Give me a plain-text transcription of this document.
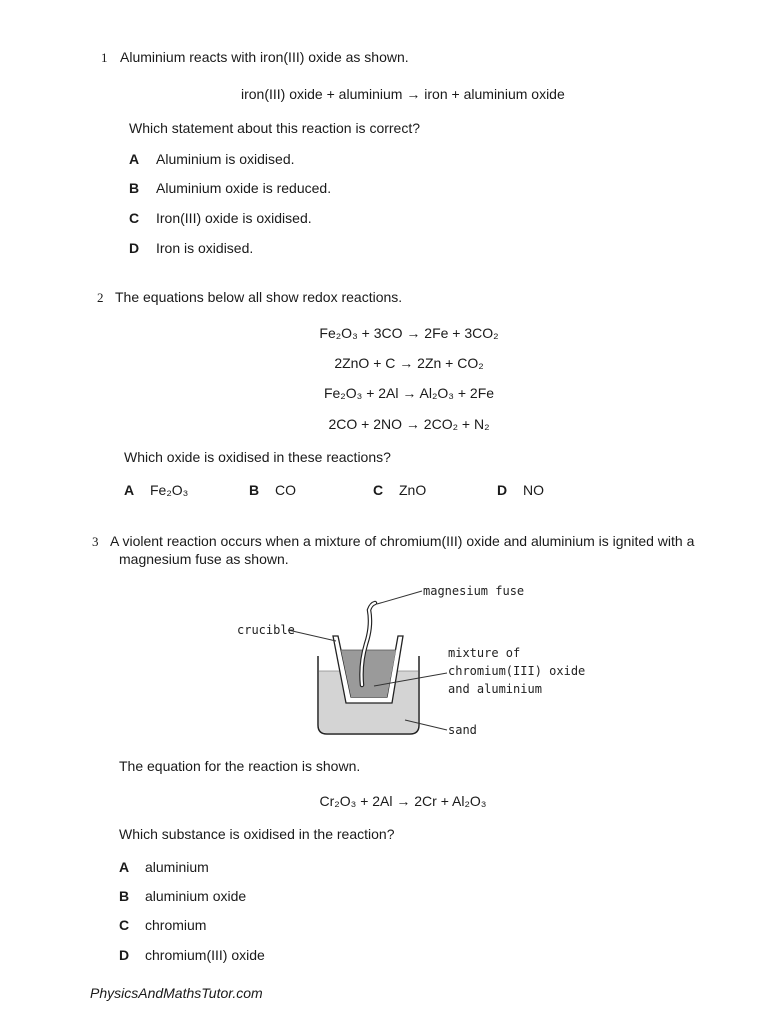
1 Aluminium reacts with iron(III) oxide as shown.
iron(III) oxide + aluminium → iron + aluminium oxide
Which statement about this reaction is correct?
A Aluminium is oxidised.
B Aluminium oxide is reduced.
C Iron(III) oxide is oxidised.
D Iron is oxidised.
2 The equations below all show redox reactions.
Fe₂O₃ + 3CO → 2Fe + 3CO₂
2ZnO + C → 2Zn + CO₂
Fe₂O₃ + 2Al → Al₂O₃ + 2Fe
2CO + 2NO → 2CO₂ + N₂
Which oxide is oxidised in these reactions?
A Fe₂O₃	B CO	C ZnO	D NO
3 A violent reaction occurs when a mixture of chromium(III) oxide and aluminium is ignited with a
magnesium fuse as shown.
magnesium fuse
crucible
mixture of
chromium(III) oxide
and aluminium
sand
The equation for the reaction is shown.
Cr₂O₃ + 2Al → 2Cr + Al₂O₃
Which substance is oxidised in the reaction?
A aluminium
B aluminium oxide
C chromium
D chromium(III) oxide
PhysicsAndMathsTutor.com
